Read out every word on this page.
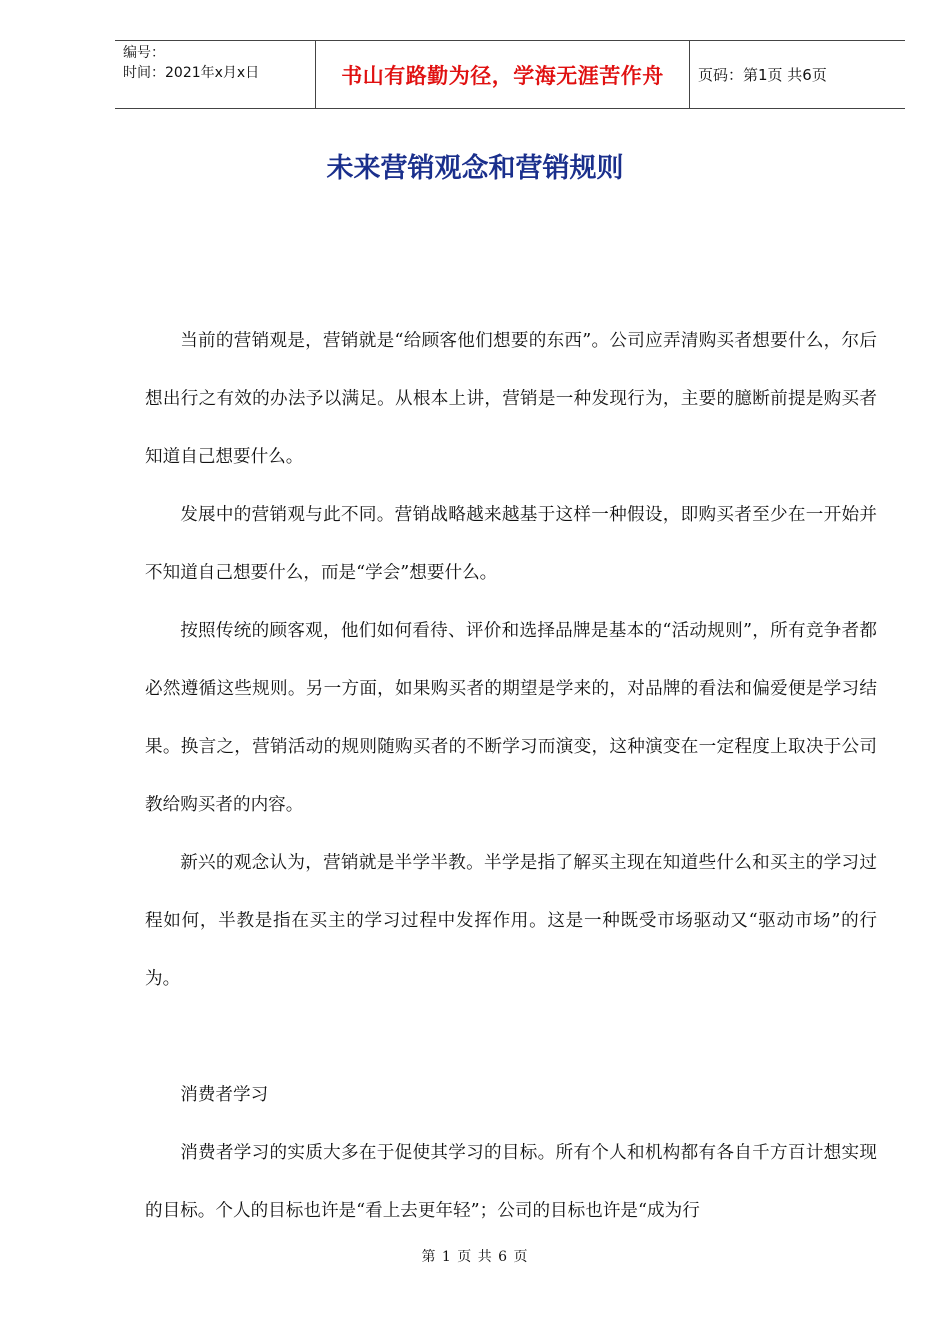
编号：
时间：2021年x月x日	书山有路勤为径，学海无涯苦作舟 页码：第1页 共6页
未来营销观念和营销规则

当前的营销观是，营销就是“给顾客他们想要的东西”。公司应弄清购买者想要什么，尔后想出行之有效的办法予以满足。从根本上讲，营销是一种发现行为，主要的臆断前提是购买者知道自己想要什么。

发展中的营销观与此不同。营销战略越来越基于这样一种假设，即购买者至少在一开始并不知道自己想要什么，而是“学会”想要什么。

按照传统的顾客观，他们如何看待、评价和选择品牌是基本的“活动规则”，所有竞争者都必然遵循这些规则。另一方面，如果购买者的期望是学来的，对品牌的看法和偏爱便是学习结果。换言之，营销活动的规则随购买者的不断学习而演变，这种演变在一定程度上取决于公司教给购买者的内容。

新兴的观念认为，营销就是半学半教。半学是指了解买主现在知道些什么和买主的学习过程如何，半教是指在买主的学习过程中发挥作用。这是一种既受市场驱动又“驱动市场”的行为。

消费者学习

消费者学习的实质大多在于促使其学习的目标。所有个人和机构都有各自千方百计想实现的目标。个人的目标也许是“看上去更年轻”；公司的目标也许是“成为行

第 1 页 共 6 页
